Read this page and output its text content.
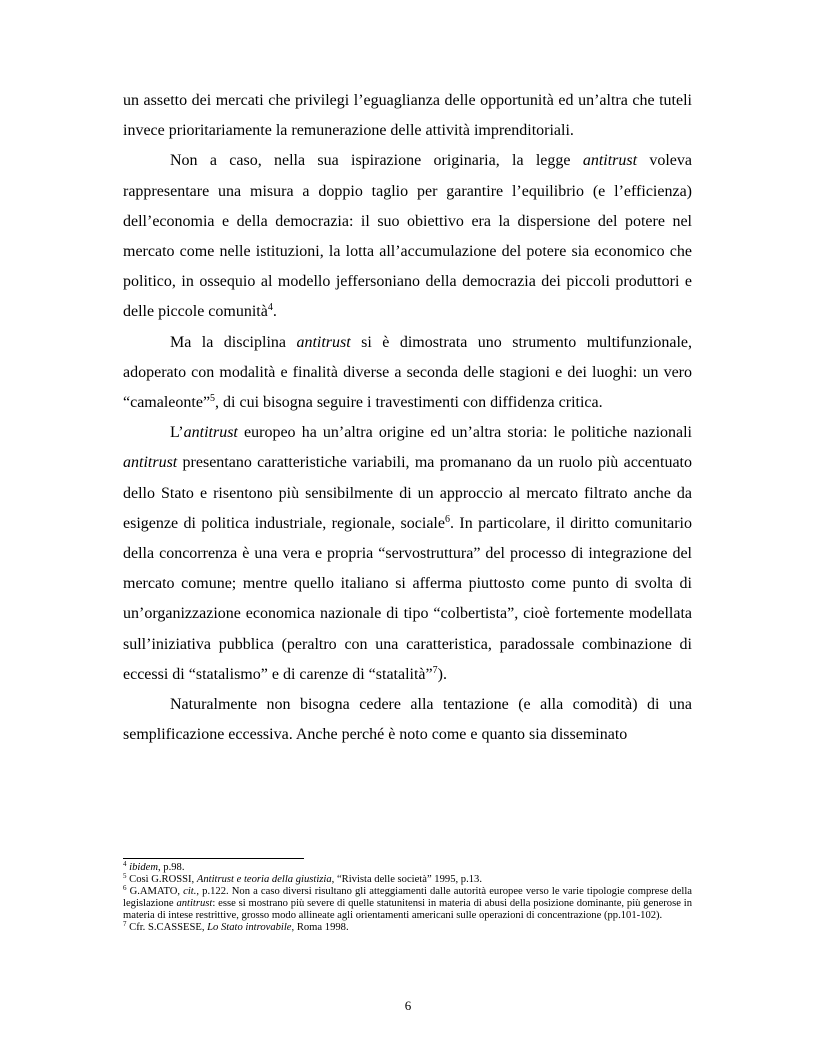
un assetto dei mercati che privilegi l’eguaglianza delle opportunità ed un’altra che tuteli invece prioritariamente la remunerazione delle attività imprenditoriali.

Non a caso, nella sua ispirazione originaria, la legge antitrust voleva rappresentare una misura a doppio taglio per garantire l’equilibrio (e l’efficienza) dell’economia e della democrazia: il suo obiettivo era la dispersione del potere nel mercato come nelle istituzioni, la lotta all’accumulazione del potere sia economico che politico, in ossequio al modello jeffersoniano della democrazia dei piccoli produttori e delle piccole comunità$^4$.

Ma la disciplina antitrust si è dimostrata uno strumento multifunzionale, adoperato con modalità e finalità diverse a seconda delle stagioni e dei luoghi: un vero “camaleonte”$^5$, di cui bisogna seguire i travestimenti con diffidenza critica.

L’antitrust europeo ha un’altra origine ed un’altra storia: le politiche nazionali antitrust presentano caratteristiche variabili, ma promanano da un ruolo più accentuato dello Stato e risentono più sensibilmente di un approccio al mercato filtrato anche da esigenze di politica industriale, regionale, sociale$^6$. In particolare, il diritto comunitario della concorrenza è una vera e propria “servostruttura” del processo di integrazione del mercato comune; mentre quello italiano si afferma piuttosto come punto di svolta di un’organizzazione economica nazionale di tipo “colbertista”, cioè fortemente modellata sull’iniziativa pubblica (peraltro con una caratteristica, paradossale combinazione di eccessi di “statalismo” e di carenze di “statalità”$^7$).

Naturalmente non bisogna cedere alla tentazione (e alla comodità) di una semplificazione eccessiva. Anche perché è noto come e quanto sia disseminato

$^4$ ibidem, p.98.

$^5$ Così G.ROSSI, Antitrust e teoria della giustizia, “Rivista delle società” 1995, p.13.

$^6$ G.AMATO, cit., p.122. Non a caso diversi risultano gli atteggiamenti dalle autorità europee verso le varie tipologie comprese della legislazione antitrust: esse si mostrano più severe di quelle statunitensi in materia di abusi della posizione dominante, più generose in materia di intese restrittive, grosso modo allineate agli orientamenti americani sulle operazioni di concentrazione (pp.101-102).

$^7$ Cfr. S.CASSESE, Lo Stato introvabile, Roma 1998.

6
